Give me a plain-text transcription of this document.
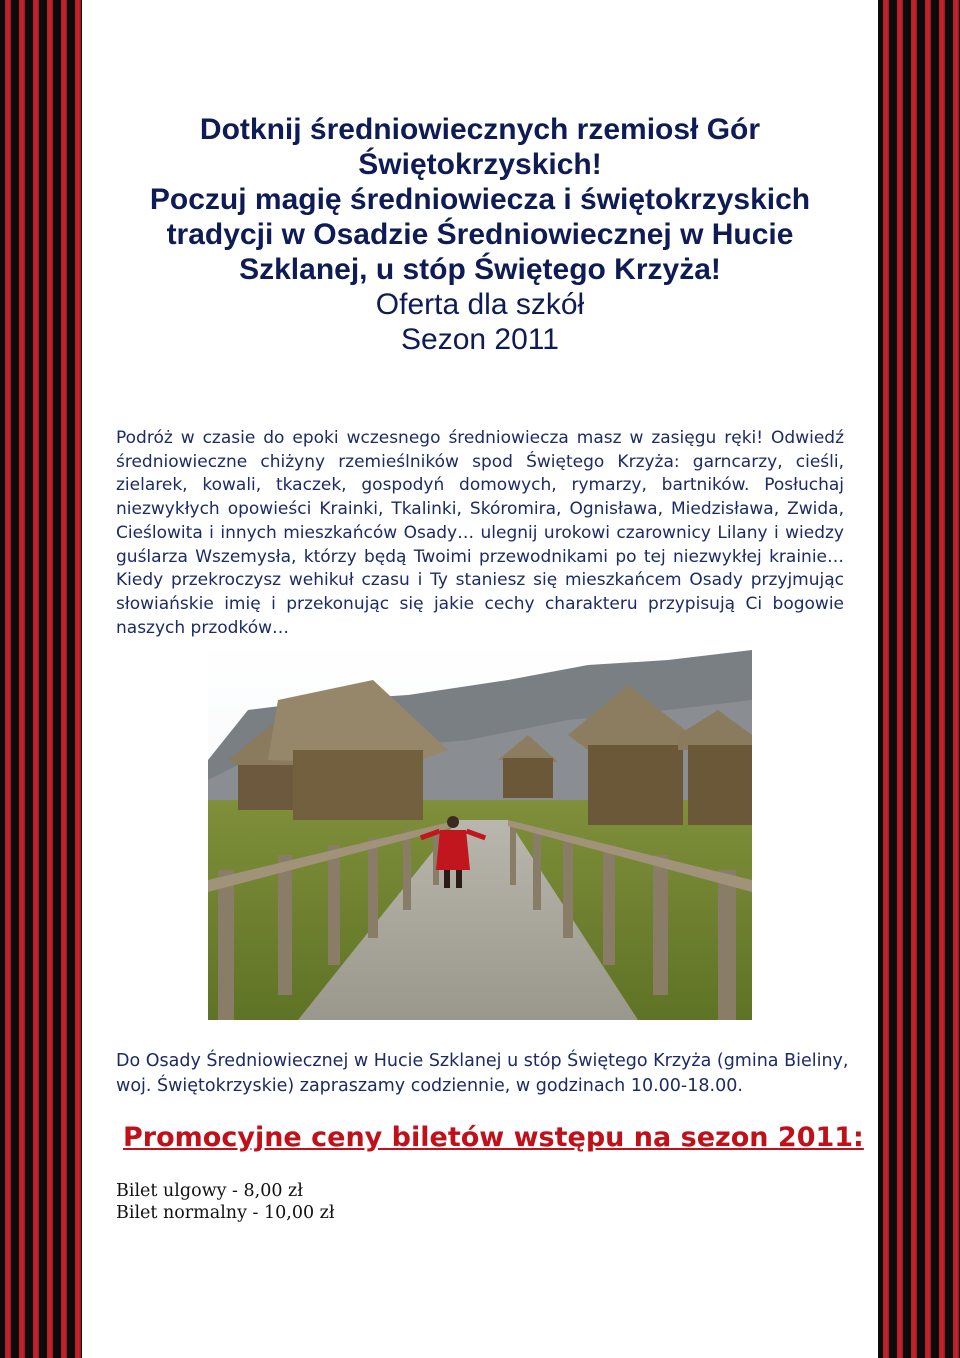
Dotknij średniowiecznych rzemiosł Gór
Świętokrzyskich!
Poczuj magię średniowiecza i świętokrzyskich
tradycji w Osadzie Średniowiecznej w Hucie
Szklanej, u stóp Świętego Krzyża!
Oferta dla szkół
Sezon 2011

Podróż w czasie do epoki wczesnego średniowiecza masz w zasięgu ręki! Odwiedź średniowieczne chiżyny rzemieślników spod Świętego Krzyża: garncarzy, cieśli, zielarek, kowali, tkaczek, gospodyń domowych, rymarzy, bartników. Posłuchaj niezwykłych opowieści Krainki, Tkalinki, Skóromira, Ognisława, Miedzisława, Zwida, Cieślowita i innych mieszkańców Osady… ulegnij urokowi czarownicy Lilany i wiedzy guślarza Wszemysła, którzy będą Twoimi przewodnikami po tej niezwykłej krainie… Kiedy przekroczysz wehikuł czasu i Ty staniesz się mieszkańcem Osady przyjmując słowiańskie imię i przekonując się jakie cechy charakteru przypisują Ci bogowie naszych przodków…

Do Osady Średniowiecznej w Hucie Szklanej u stóp Świętego Krzyża (gmina Bieliny, woj. Świętokrzyskie) zapraszamy codziennie, w godzinach 10.00-18.00.

Promocyjne ceny biletów wstępu na sezon 2011:
Bilet ulgowy - 8,00 zł
Bilet normalny - 10,00 zł
